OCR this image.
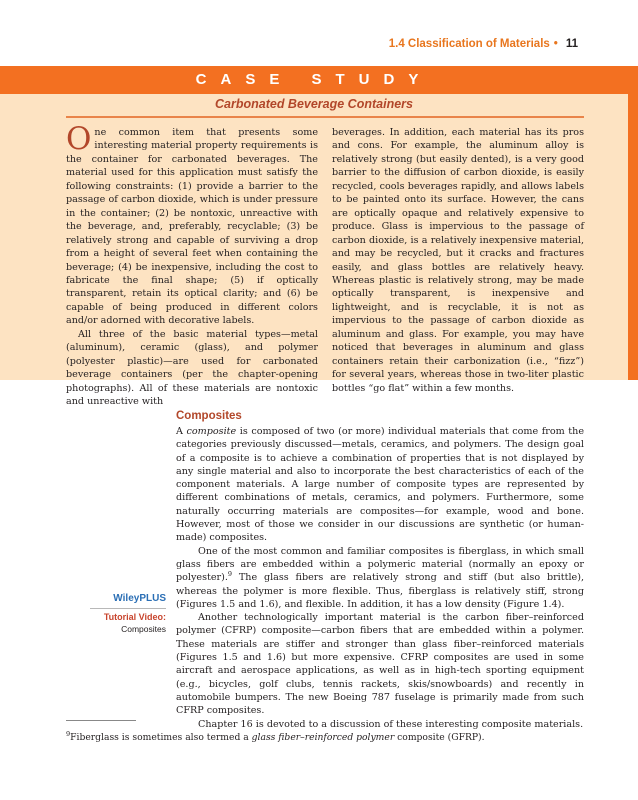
1.4 Classification of Materials • 11
CASE STUDY
Carbonated Beverage Containers

One common item that presents some interesting material property requirements is the container for carbonated beverages. The material used for this application must satisfy the following constraints: (1) provide a barrier to the passage of carbon dioxide, which is under pressure in the container; (2) be nontoxic, unreactive with the beverage, and, preferably, recyclable; (3) be relatively strong and capable of surviving a drop from a height of several feet when containing the beverage; (4) be inexpensive, including the cost to fabricate the final shape; (5) if optically transparent, retain its optical clarity; and (6) be capable of being produced in different colors and/or adorned with decorative labels.

All three of the basic material types—metal (aluminum), ceramic (glass), and polymer (polyester plastic)—are used for carbonated beverage containers (per the chapter-opening photographs). All of these materials are nontoxic and unreactive with

beverages. In addition, each material has its pros and cons. For example, the aluminum alloy is relatively strong (but easily dented), is a very good barrier to the diffusion of carbon dioxide, is easily recycled, cools beverages rapidly, and allows labels to be painted onto its surface. However, the cans are optically opaque and relatively expensive to produce. Glass is impervious to the passage of carbon dioxide, is a relatively inexpensive material, and may be recycled, but it cracks and fractures easily, and glass bottles are relatively heavy. Whereas plastic is relatively strong, may be made optically transparent, is inexpensive and lightweight, and is recyclable, it is not as impervious to the passage of carbon dioxide as aluminum and glass. For example, you may have noticed that beverages in aluminum and glass containers retain their carbonization (i.e., “fizz”) for several years, whereas those in two-liter plastic bottles “go flat” within a few months.

Composites

A composite is composed of two (or more) individual materials that come from the categories previously discussed—metals, ceramics, and polymers. The design goal of a composite is to achieve a combination of properties that is not displayed by any single material and also to incorporate the best characteristics of each of the component materials. A large number of composite types are represented by different combinations of metals, ceramics, and polymers. Furthermore, some naturally occurring materials are composites—for example, wood and bone. However, most of those we consider in our discussions are synthetic (or human-made) composites.

One of the most common and familiar composites is fiberglass, in which small glass fibers are embedded within a polymeric material (normally an epoxy or polyester).$^9$ The glass fibers are relatively strong and stiff (but also brittle), whereas the polymer is more flexible. Thus, fiberglass is relatively stiff, strong (Figures 1.5 and 1.6), and flexible. In addition, it has a low density (Figure 1.4).

Another technologically important material is the carbon fiber–reinforced polymer (CFRP) composite—carbon fibers that are embedded within a polymer. These materials are stiffer and stronger than glass fiber–reinforced materials (Figures 1.5 and 1.6) but more expensive. CFRP composites are used in some aircraft and aerospace applications, as well as in high-tech sporting equipment (e.g., bicycles, golf clubs, tennis rackets, skis/snowboards) and recently in automobile bumpers. The new Boeing 787 fuselage is primarily made from such CFRP composites.

Chapter 16 is devoted to a discussion of these interesting composite materials.

WileyPLUS
Tutorial Video:
Composites
$^9$Fiberglass is sometimes also termed a glass fiber–reinforced polymer composite (GFRP).
